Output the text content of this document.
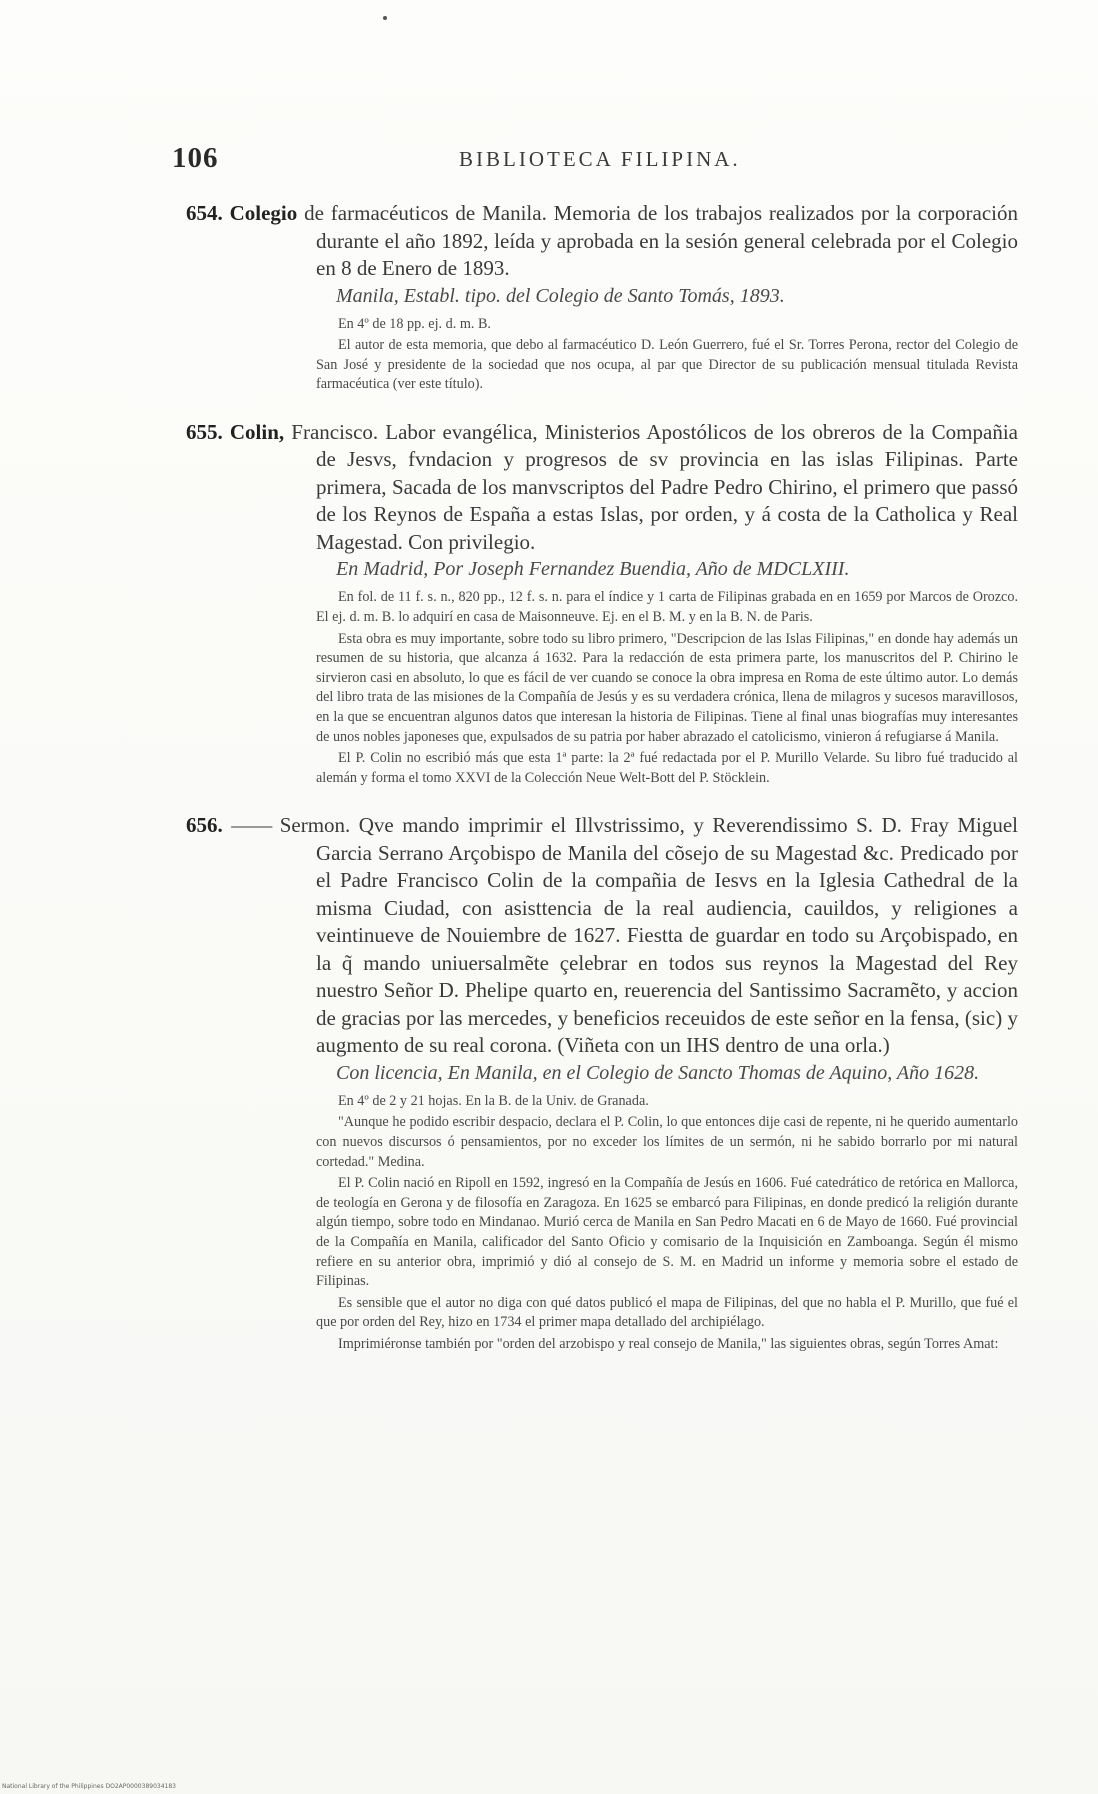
106	BIBLIOTECA FILIPINA.
654. Colegio de farmacéuticos de Manila. Memoria de los trabajos realizados por la corporación durante el año 1892, leída y aprobada en la sesión general celebrada por el Colegio en 8 de Enero de 1893.
Manila, Establ. tipo. del Colegio de Santo Tomás, 1893.
En 4º de 18 pp. ej. d. m. B.
El autor de esta memoria, que debo al farmacéutico D. León Guerrero, fué el Sr. Torres Perona, rector del Colegio de San José y presidente de la sociedad que nos ocupa, al par que Director de su publicación mensual titulada Revista farmacéutica (ver este título).
655. Colin, Francisco. Labor evangélica, Ministerios Apostólicos de los obreros de la Compañia de Jesvs, fvndacion y progresos de sv provincia en las islas Filipinas. Parte primera, Sacada de los manvscriptos del Padre Pedro Chirino, el primero que passó de los Reynos de España a estas Islas, por orden, y á costa de la Catholica y Real Magestad. Con privilegio.
En Madrid, Por Joseph Fernandez Buendia, Año de MDCLXIII.
En fol. de 11 f. s. n., 820 pp., 12 f. s. n. para el índice y 1 carta de Filipinas grabada en en 1659 por Marcos de Orozco. El ej. d. m. B. lo adquirí en casa de Maisonneuve. Ej. en el B. M. y en la B. N. de Paris.
Esta obra es muy importante, sobre todo su libro primero, "Descripcion de las Islas Filipinas," en donde hay además un resumen de su historia, que alcanza á 1632. Para la redacción de esta primera parte, los manuscritos del P. Chirino le sirvieron casi en absoluto, lo que es fácil de ver cuando se conoce la obra impresa en Roma de este último autor. Lo demás del libro trata de las misiones de la Compañía de Jesús y es su verdadera crónica, llena de milagros y sucesos maravillosos, en la que se encuentran algunos datos que interesan la historia de Filipinas. Tiene al final unas biografías muy interesantes de unos nobles japoneses que, expulsados de su patria por haber abrazado el catolicismo, vinieron á refugiarse á Manila.
El P. Colin no escribió más que esta 1ª parte: la 2ª fué redactada por el P. Murillo Velarde. Su libro fué traducido al alemán y forma el tomo XXVI de la Colección Neue Welt-Bott del P. Stöcklein.
656. —— Sermon. Qve mando imprimir el Illvstrissimo, y Reverendissimo S. D. Fray Miguel Garcia Serrano Arçobispo de Manila del cõsejo de su Magestad &c. Predicado por el Padre Francisco Colin de la compañia de Iesvs en la Iglesia Cathedral de la misma Ciudad, con asisttencia de la real audiencia, cauildos, y religiones a veintinueve de Nouiembre de 1627. Fiestta de guardar en todo su Arçobispado, en la q̃ mando uniuersalmẽte çelebrar en todos sus reynos la Magestad del Rey nuestro Señor D. Phelipe quarto en, reuerencia del Santissimo Sacramẽto, y accion de gracias por las mercedes, y beneficios receuidos de este señor en la fensa, (sic) y augmento de su real corona. (Viñeta con un IHS dentro de una orla.)
Con licencia, En Manila, en el Colegio de Sancto Thomas de Aquino, Año 1628.
En 4º de 2 y 21 hojas. En la B. de la Univ. de Granada.
"Aunque he podido escribir despacio, declara el P. Colin, lo que entonces dije casi de repente, ni he querido aumentarlo con nuevos discursos ó pensamientos, por no exceder los límites de un sermón, ni he sabido borrarlo por mi natural cortedad." Medina.
El P. Colin nació en Ripoll en 1592, ingresó en la Compañía de Jesús en 1606. Fué catedrático de retórica en Mallorca, de teología en Gerona y de filosofía en Zaragoza. En 1625 se embarcó para Filipinas, en donde predicó la religión durante algún tiempo, sobre todo en Mindanao. Murió cerca de Manila en San Pedro Macati en 6 de Mayo de 1660. Fué provincial de la Compañía en Manila, calificador del Santo Oficio y comisario de la Inquisición en Zamboanga. Según él mismo refiere en su anterior obra, imprimió y dió al consejo de S. M. en Madrid un informe y memoria sobre el estado de Filipinas.
Es sensible que el autor no diga con qué datos publicó el mapa de Filipinas, del que no habla el P. Murillo, que fué el que por orden del Rey, hizo en 1734 el primer mapa detallado del archipiélago.
Imprimiéronse también por "orden del arzobispo y real consejo de Manila," las siguientes obras, según Torres Amat:
National Library of the Philippines DO2AP0000389034183
